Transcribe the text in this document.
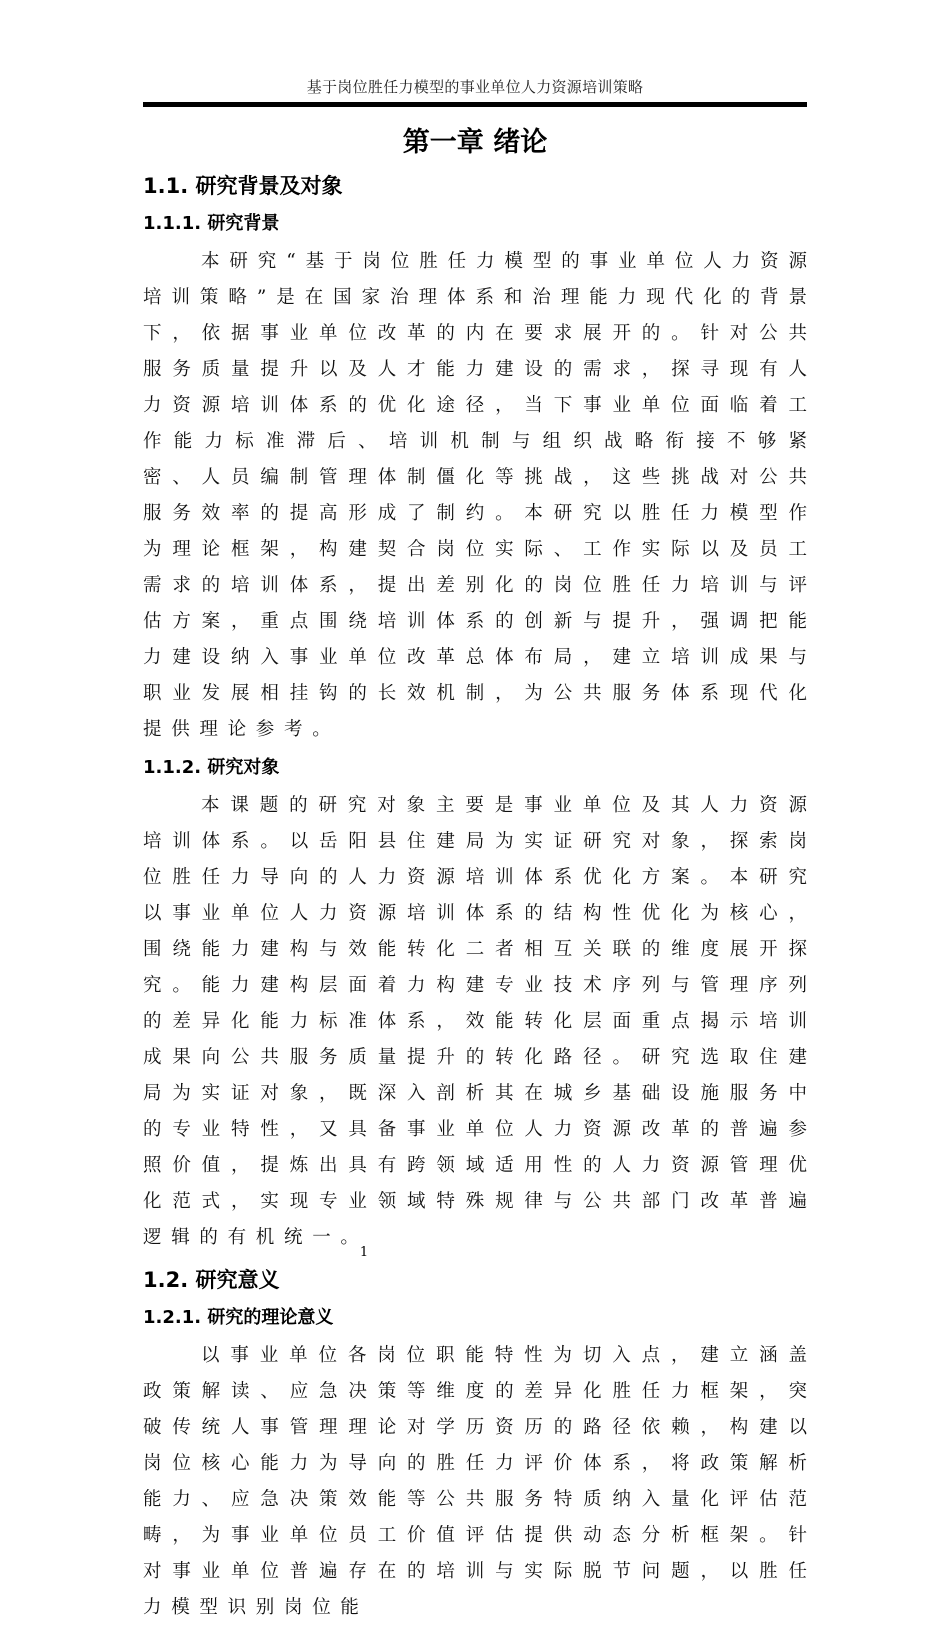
基于岗位胜任力模型的事业单位人力资源培训策略
第一章 绪论
1.1. 研究背景及对象
1.1.1. 研究背景

本研究“基于岗位胜任力模型的事业单位人力资源培训策略”是在国家治理体系和治理能力现代化的背景下，依据事业单位改革的内在要求展开的。针对公共服务质量提升以及人才能力建设的需求，探寻现有人力资源培训体系的优化途径，当下事业单位面临着工作能力标准滞后、培训机制与组织战略衔接不够紧密、人员编制管理体制僵化等挑战，这些挑战对公共服务效率的提高形成了制约。本研究以胜任力模型作为理论框架，构建契合岗位实际、工作实际以及员工需求的培训体系，提出差别化的岗位胜任力培训与评估方案，重点围绕培训体系的创新与提升，强调把能力建设纳入事业单位改革总体布局，建立培训成果与职业发展相挂钩的长效机制，为公共服务体系现代化提供理论参考。

1.1.2. 研究对象

本课题的研究对象主要是事业单位及其人力资源培训体系。以岳阳县住建局为实证研究对象，探索岗位胜任力导向的人力资源培训体系优化方案。本研究以事业单位人力资源培训体系的结构性优化为核心，围绕能力建构与效能转化二者相互关联的维度展开探究。能力建构层面着力构建专业技术序列与管理序列的差异化能力标准体系，效能转化层面重点揭示培训成果向公共服务质量提升的转化路径。研究选取住建局为实证对象，既深入剖析其在城乡基础设施服务中的专业特性，又具备事业单位人力资源改革的普遍参照价值，提炼出具有跨领域适用性的人力资源管理优化范式，实现专业领域特殊规律与公共部门改革普遍逻辑的有机统一。

1.2. 研究意义
1.2.1. 研究的理论意义

以事业单位各岗位职能特性为切入点，建立涵盖政策解读、应急决策等维度的差异化胜任力框架，突破传统人事管理理论对学历资历的路径依赖，构建以岗位核心能力为导向的胜任力评价体系，将政策解析能力、应急决策效能等公共服务特质纳入量化评估范畴，为事业单位员工价值评估提供动态分析框架。针对事业单位普遍存在的培训与实际脱节问题，以胜任力模型识别岗位能

1
